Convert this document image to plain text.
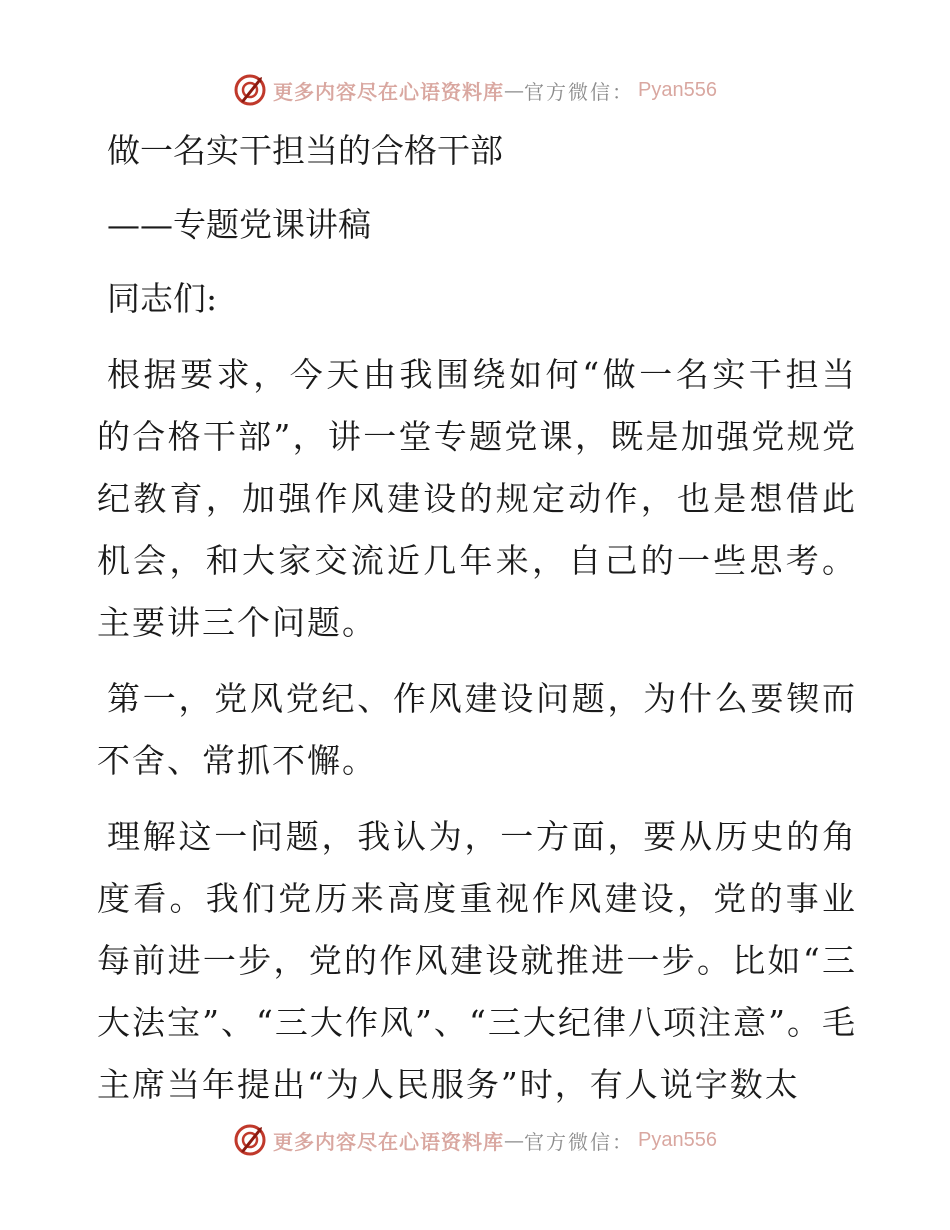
更多内容尽在心语资料库 — 官方微信： Pyan556

做一名实干担当的合格干部

——专题党课讲稿

同志们:

根据要求，今天由我围绕如何“做一名实干担当的合格干部”，讲一堂专题党课，既是加强党规党纪教育，加强作风建设的规定动作，也是想借此机会，和大家交流近几年来，自己的一些思考。主要讲三个问题。

第一，党风党纪、作风建设问题，为什么要锲而不舍、常抓不懈。

理解这一问题，我认为，一方面，要从历史的角度看。我们党历来高度重视作风建设，党的事业每前进一步，党的作风建设就推进一步。比如“三大法宝”、“三大作风”、“三大纪律八项注意”。毛主席当年提出“为人民服务”时，有人说字数太

更多内容尽在心语资料库 — 官方微信： Pyan556
